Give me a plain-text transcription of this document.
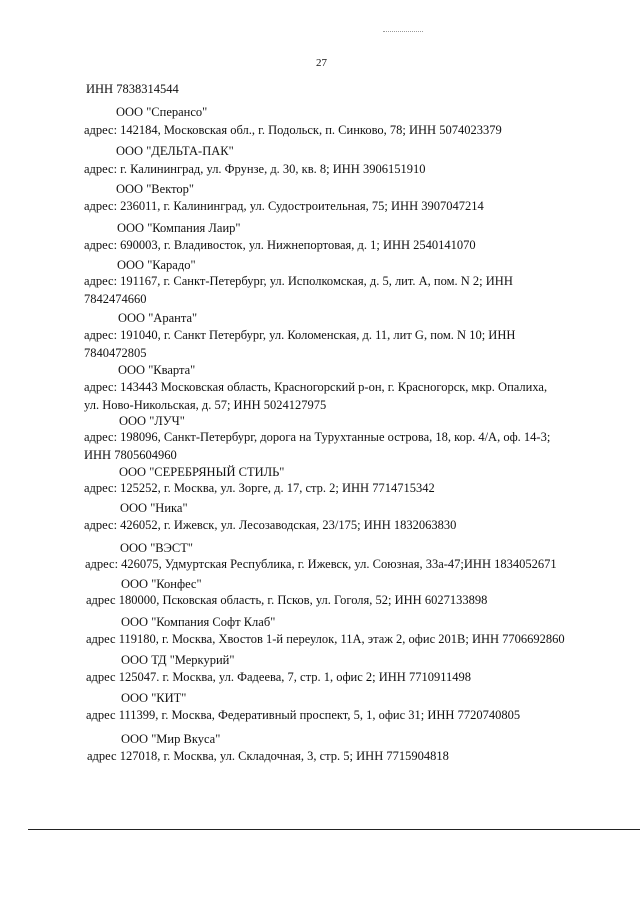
27
ИНН 7838314544
ООО "Сперансо"
адрес: 142184, Московская обл., г. Подольск, п. Синково, 78; ИНН 5074023379
ООО "ДЕЛЬТА-ПАК"
адрес: г. Калининград, ул. Фрунзе, д. 30, кв. 8; ИНН 3906151910
ООО "Вектор"
адрес: 236011, г. Калининград, ул. Судостроительная, 75; ИНН 3907047214
ООО "Компания Лаир"
адрес: 690003, г. Владивосток, ул. Нижнепортовая, д. 1; ИНН 2540141070
ООО "Карадо"
адрес: 191167, г. Санкт-Петербург, ул. Исполкомская, д. 5, лит. А, пом. N 2; ИНН 7842474660
ООО "Аранта"
адрес: 191040, г. Санкт Петербург, ул. Коломенская, д. 11, лит G, пом. N 10; ИНН 7840472805
ООО "Кварта"
адрес: 143443 Московская область, Красногорский р-он, г. Красногорск, мкр. Опалиха, ул. Ново-Никольская, д. 57; ИНН 5024127975
ООО "ЛУЧ"
адрес: 198096, Санкт-Петербург, дорога на Турухтанные острова, 18, кор. 4/А, оф. 14-3; ИНН 7805604960
ООО "СЕРЕБРЯНЫЙ СТИЛЬ"
адрес: 125252, г. Москва, ул. Зорге, д. 17, стр. 2; ИНН 7714715342
ООО "Ника"
адрес: 426052, г. Ижевск, ул. Лесозаводская, 23/175; ИНН 1832063830
ООО "ВЭСТ"
адрес: 426075, Удмуртская Республика, г. Ижевск, ул. Союзная, 33а-47;ИНН 1834052671
ООО "Конфес"
адрес 180000, Псковская область, г. Псков, ул. Гоголя, 52; ИНН 6027133898
ООО "Компания Софт Клаб"
адрес 119180, г. Москва, Хвостов 1-й переулок, 11А, этаж 2, офис 201В; ИНН 7706692860
ООО ТД "Меркурий"
адрес 125047. г. Москва, ул. Фадеева, 7, стр. 1, офис 2; ИНН 7710911498
ООО "КИТ"
адрес 111399, г. Москва, Федеративный проспект, 5, 1, офис 31; ИНН 7720740805
ООО "Мир Вкуса"
адрес 127018, г. Москва, ул. Складочная, 3, стр. 5; ИНН 7715904818
